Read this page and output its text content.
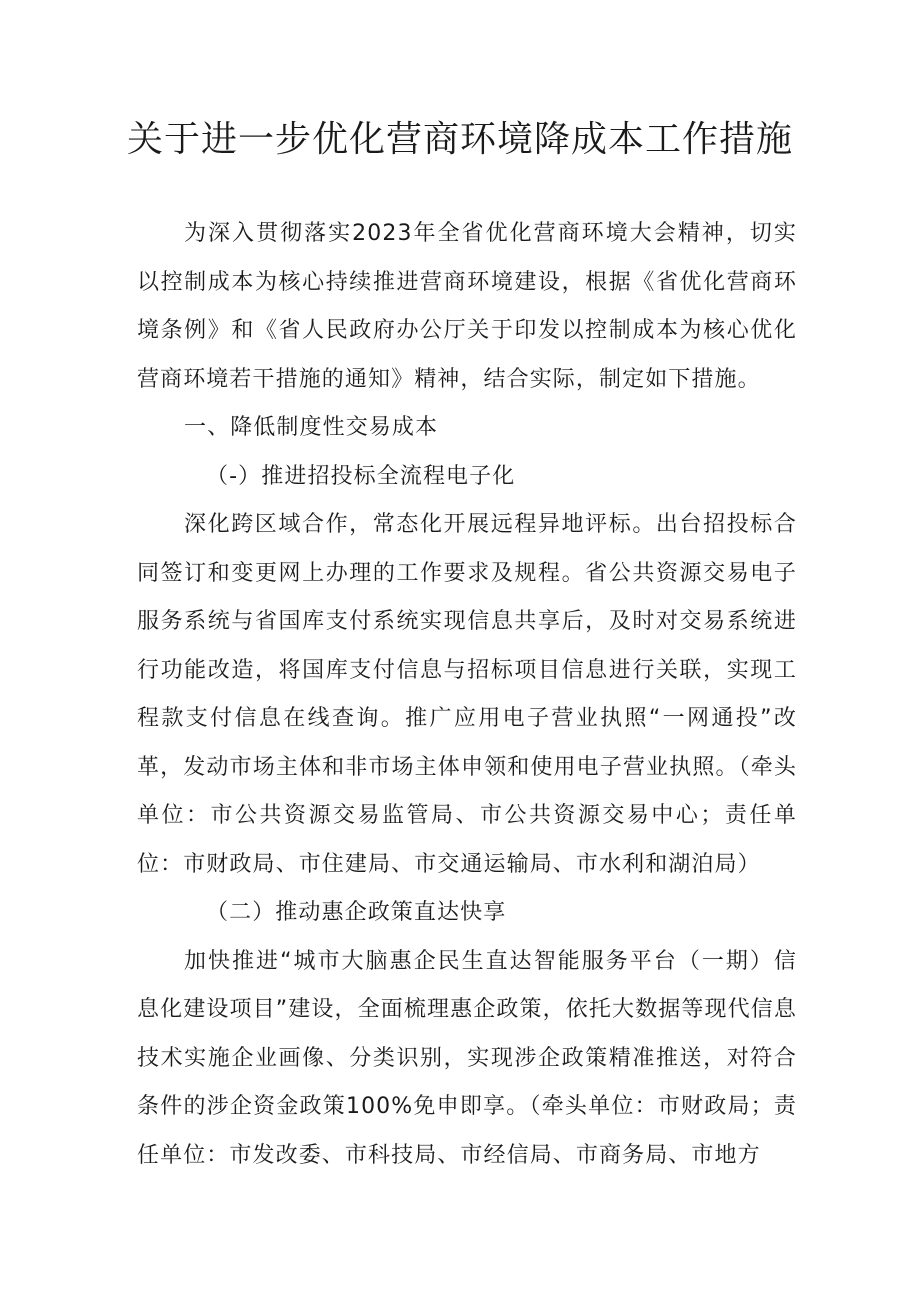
关于进一步优化营商环境降成本工作措施

为深入贯彻落实2023年全省优化营商环境大会精神，切实以控制成本为核心持续推进营商环境建设，根据《省优化营商环境条例》和《省人民政府办公厅关于印发以控制成本为核心优化营商环境若干措施的通知》精神，结合实际，制定如下措施。

一、降低制度性交易成本

（-）推进招投标全流程电子化

深化跨区域合作，常态化开展远程异地评标。出台招投标合同签订和变更网上办理的工作要求及规程。省公共资源交易电子服务系统与省国库支付系统实现信息共享后，及时对交易系统进行功能改造，将国库支付信息与招标项目信息进行关联，实现工程款支付信息在线查询。推广应用电子营业执照“一网通投”改革，发动市场主体和非市场主体申领和使用电子营业执照。（牵头单位：市公共资源交易监管局、市公共资源交易中心；责任单位：市财政局、市住建局、市交通运输局、市水利和湖泊局）

（二）推动惠企政策直达快享

加快推进“城市大脑惠企民生直达智能服务平台（一期）信息化建设项目”建设，全面梳理惠企政策，依托大数据等现代信息技术实施企业画像、分类识别，实现涉企政策精准推送，对符合条件的涉企资金政策100%免申即享。（牵头单位：市财政局；责任单位：市发改委、市科技局、市经信局、市商务局、市地方
